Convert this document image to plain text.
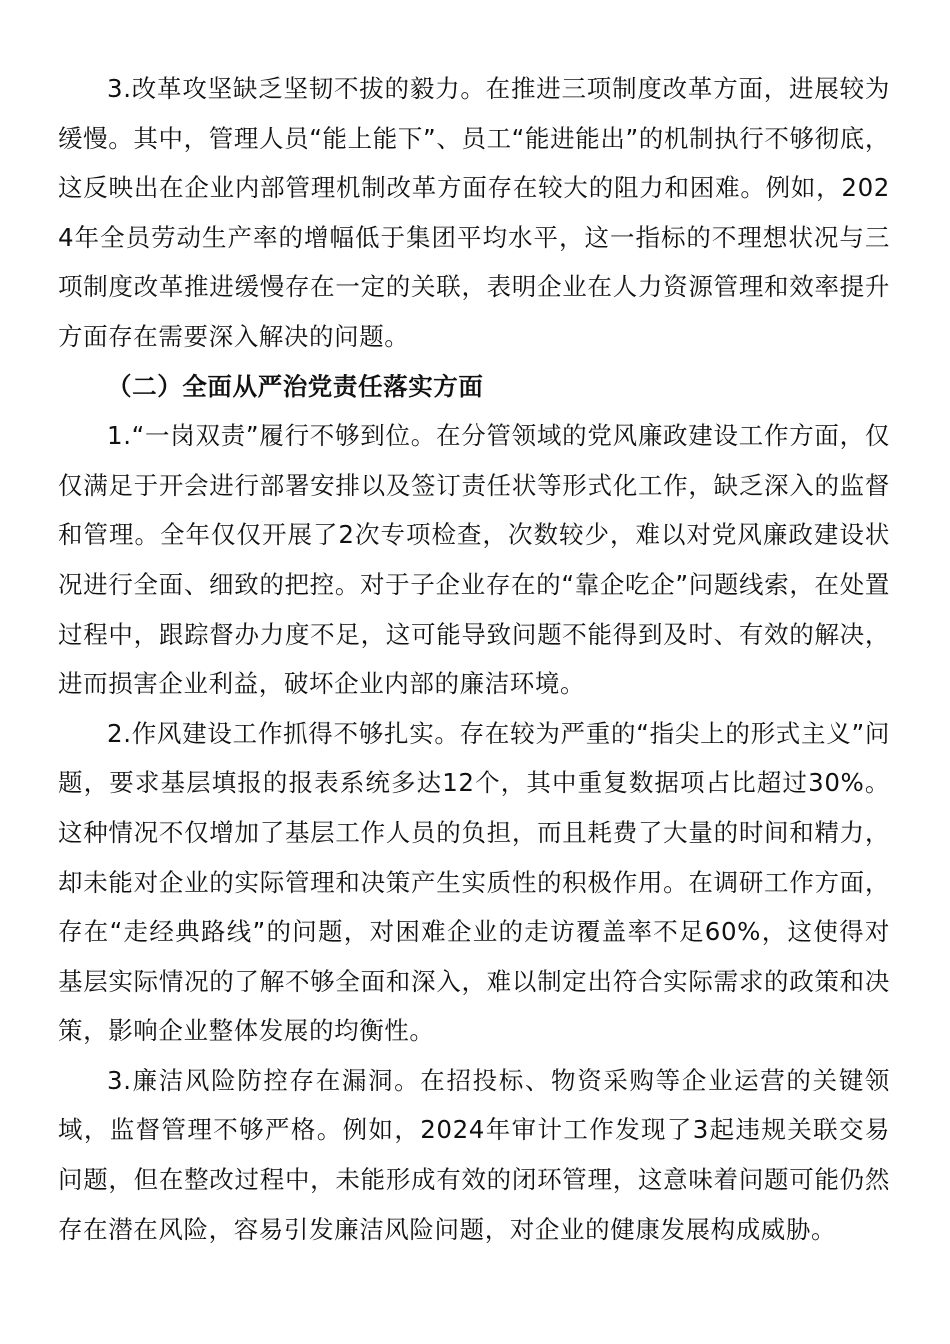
3.改革攻坚缺乏坚韧不拔的毅力。在推进三项制度改革方面，进展较为缓慢。其中，管理人员“能上能下”、员工“能进能出”的机制执行不够彻底，这反映出在企业内部管理机制改革方面存在较大的阻力和困难。例如，2024年全员劳动生产率的增幅低于集团平均水平，这一指标的不理想状况与三项制度改革推进缓慢存在一定的关联，表明企业在人力资源管理和效率提升方面存在需要深入解决的问题。

（二）全面从严治党责任落实方面

1.“一岗双责”履行不够到位。在分管领域的党风廉政建设工作方面，仅仅满足于开会进行部署安排以及签订责任状等形式化工作，缺乏深入的监督和管理。全年仅仅开展了2次专项检查，次数较少，难以对党风廉政建设状况进行全面、细致的把控。对于子企业存在的“靠企吃企”问题线索，在处置过程中，跟踪督办力度不足，这可能导致问题不能得到及时、有效的解决，进而损害企业利益，破坏企业内部的廉洁环境。

2.作风建设工作抓得不够扎实。存在较为严重的“指尖上的形式主义”问题，要求基层填报的报表系统多达12个，其中重复数据项占比超过30%。这种情况不仅增加了基层工作人员的负担，而且耗费了大量的时间和精力，却未能对企业的实际管理和决策产生实质性的积极作用。在调研工作方面，存在“走经典路线”的问题，对困难企业的走访覆盖率不足60%，这使得对基层实际情况的了解不够全面和深入，难以制定出符合实际需求的政策和决策，影响企业整体发展的均衡性。

3.廉洁风险防控存在漏洞。在招投标、物资采购等企业运营的关键领域，监督管理不够严格。例如，2024年审计工作发现了3起违规关联交易问题，但在整改过程中，未能形成有效的闭环管理，这意味着问题可能仍然存在潜在风险，容易引发廉洁风险问题，对企业的健康发展构成威胁。
